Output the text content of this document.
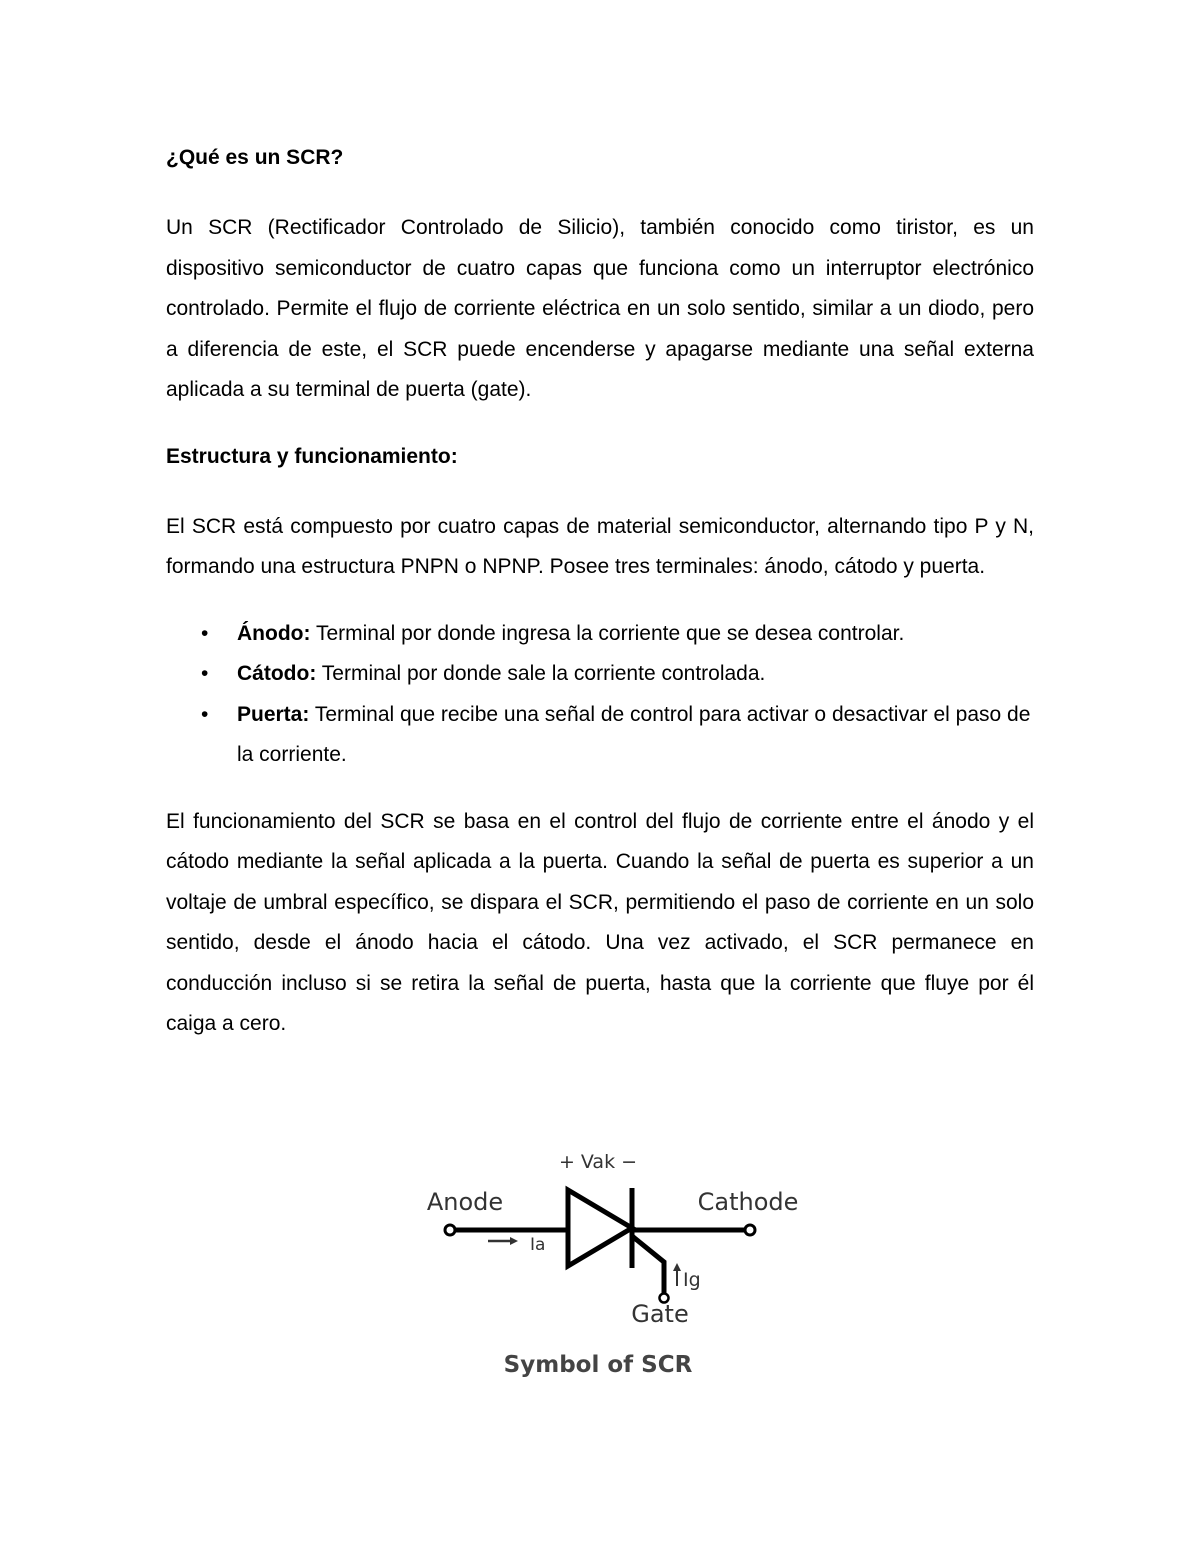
¿Qué es un SCR?

Un SCR (Rectificador Controlado de Silicio), también conocido como tiristor, es un dispositivo semiconductor de cuatro capas que funciona como un interruptor electrónico controlado. Permite el flujo de corriente eléctrica en un solo sentido, similar a un diodo, pero a diferencia de este, el SCR puede encenderse y apagarse mediante una señal externa aplicada a su terminal de puerta (gate).

Estructura y funcionamiento:

El SCR está compuesto por cuatro capas de material semiconductor, alternando tipo P y N, formando una estructura PNPN o NPNP. Posee tres terminales: ánodo, cátodo y puerta.

• Ánodo: Terminal por donde ingresa la corriente que se desea controlar.
• Cátodo: Terminal por donde sale la corriente controlada.
• Puerta: Terminal que recibe una señal de control para activar o desactivar el paso de la corriente.

El funcionamiento del SCR se basa en el control del flujo de corriente entre el ánodo y el cátodo mediante la señal aplicada a la puerta. Cuando la señal de puerta es superior a un voltaje de umbral específico, se dispara el SCR, permitiendo el paso de corriente en un solo sentido, desde el ánodo hacia el cátodo. Una vez activado, el SCR permanece en conducción incluso si se retira la señal de puerta, hasta que la corriente que fluye por él caiga a cero.

+ Vak −
Anode	Cathode
Ia
Ig
Gate
Symbol of SCR
